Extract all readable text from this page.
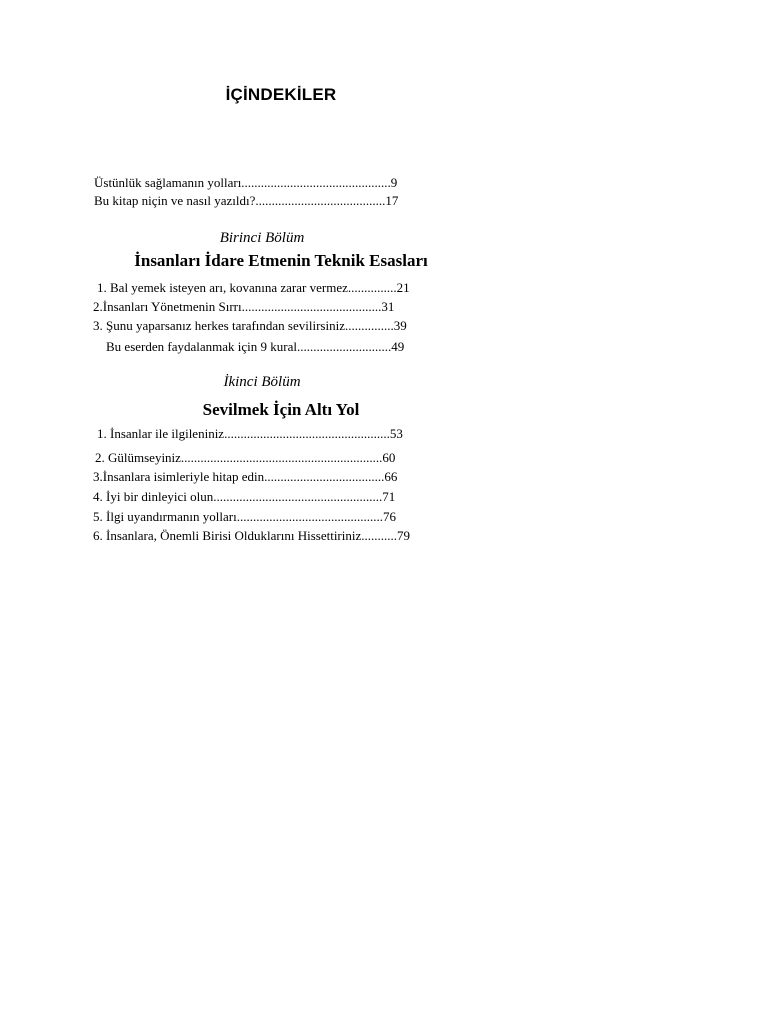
İÇİNDEKİLER
Üstünlük sağlamanın yolları..............................................9
Bu kitap niçin ve nasıl yazıldı?........................................17
Birinci Bölüm
İnsanları İdare Etmenin Teknik Esasları
1. Bal yemek isteyen arı, kovanına zarar vermez...............21
2.İnsanları Yönetmenin Sırrı...........................................31
3. Şunu yaparsanız herkes tarafından sevilirsiniz...............39
Bu eserden faydalanmak için 9 kural.............................49
İkinci Bölüm
Sevilmek İçin Altı Yol
1. İnsanlar ile ilgileniniz...................................................53
2. Gülümseyiniz..............................................................60
3.İnsanlara isimleriyle hitap edin.....................................66
4. İyi bir dinleyici olun....................................................71
5. İlgi uyandırmanın yolları.............................................76
6. İnsanlara, Önemli Birisi Olduklarını Hissettiriniz...........79
